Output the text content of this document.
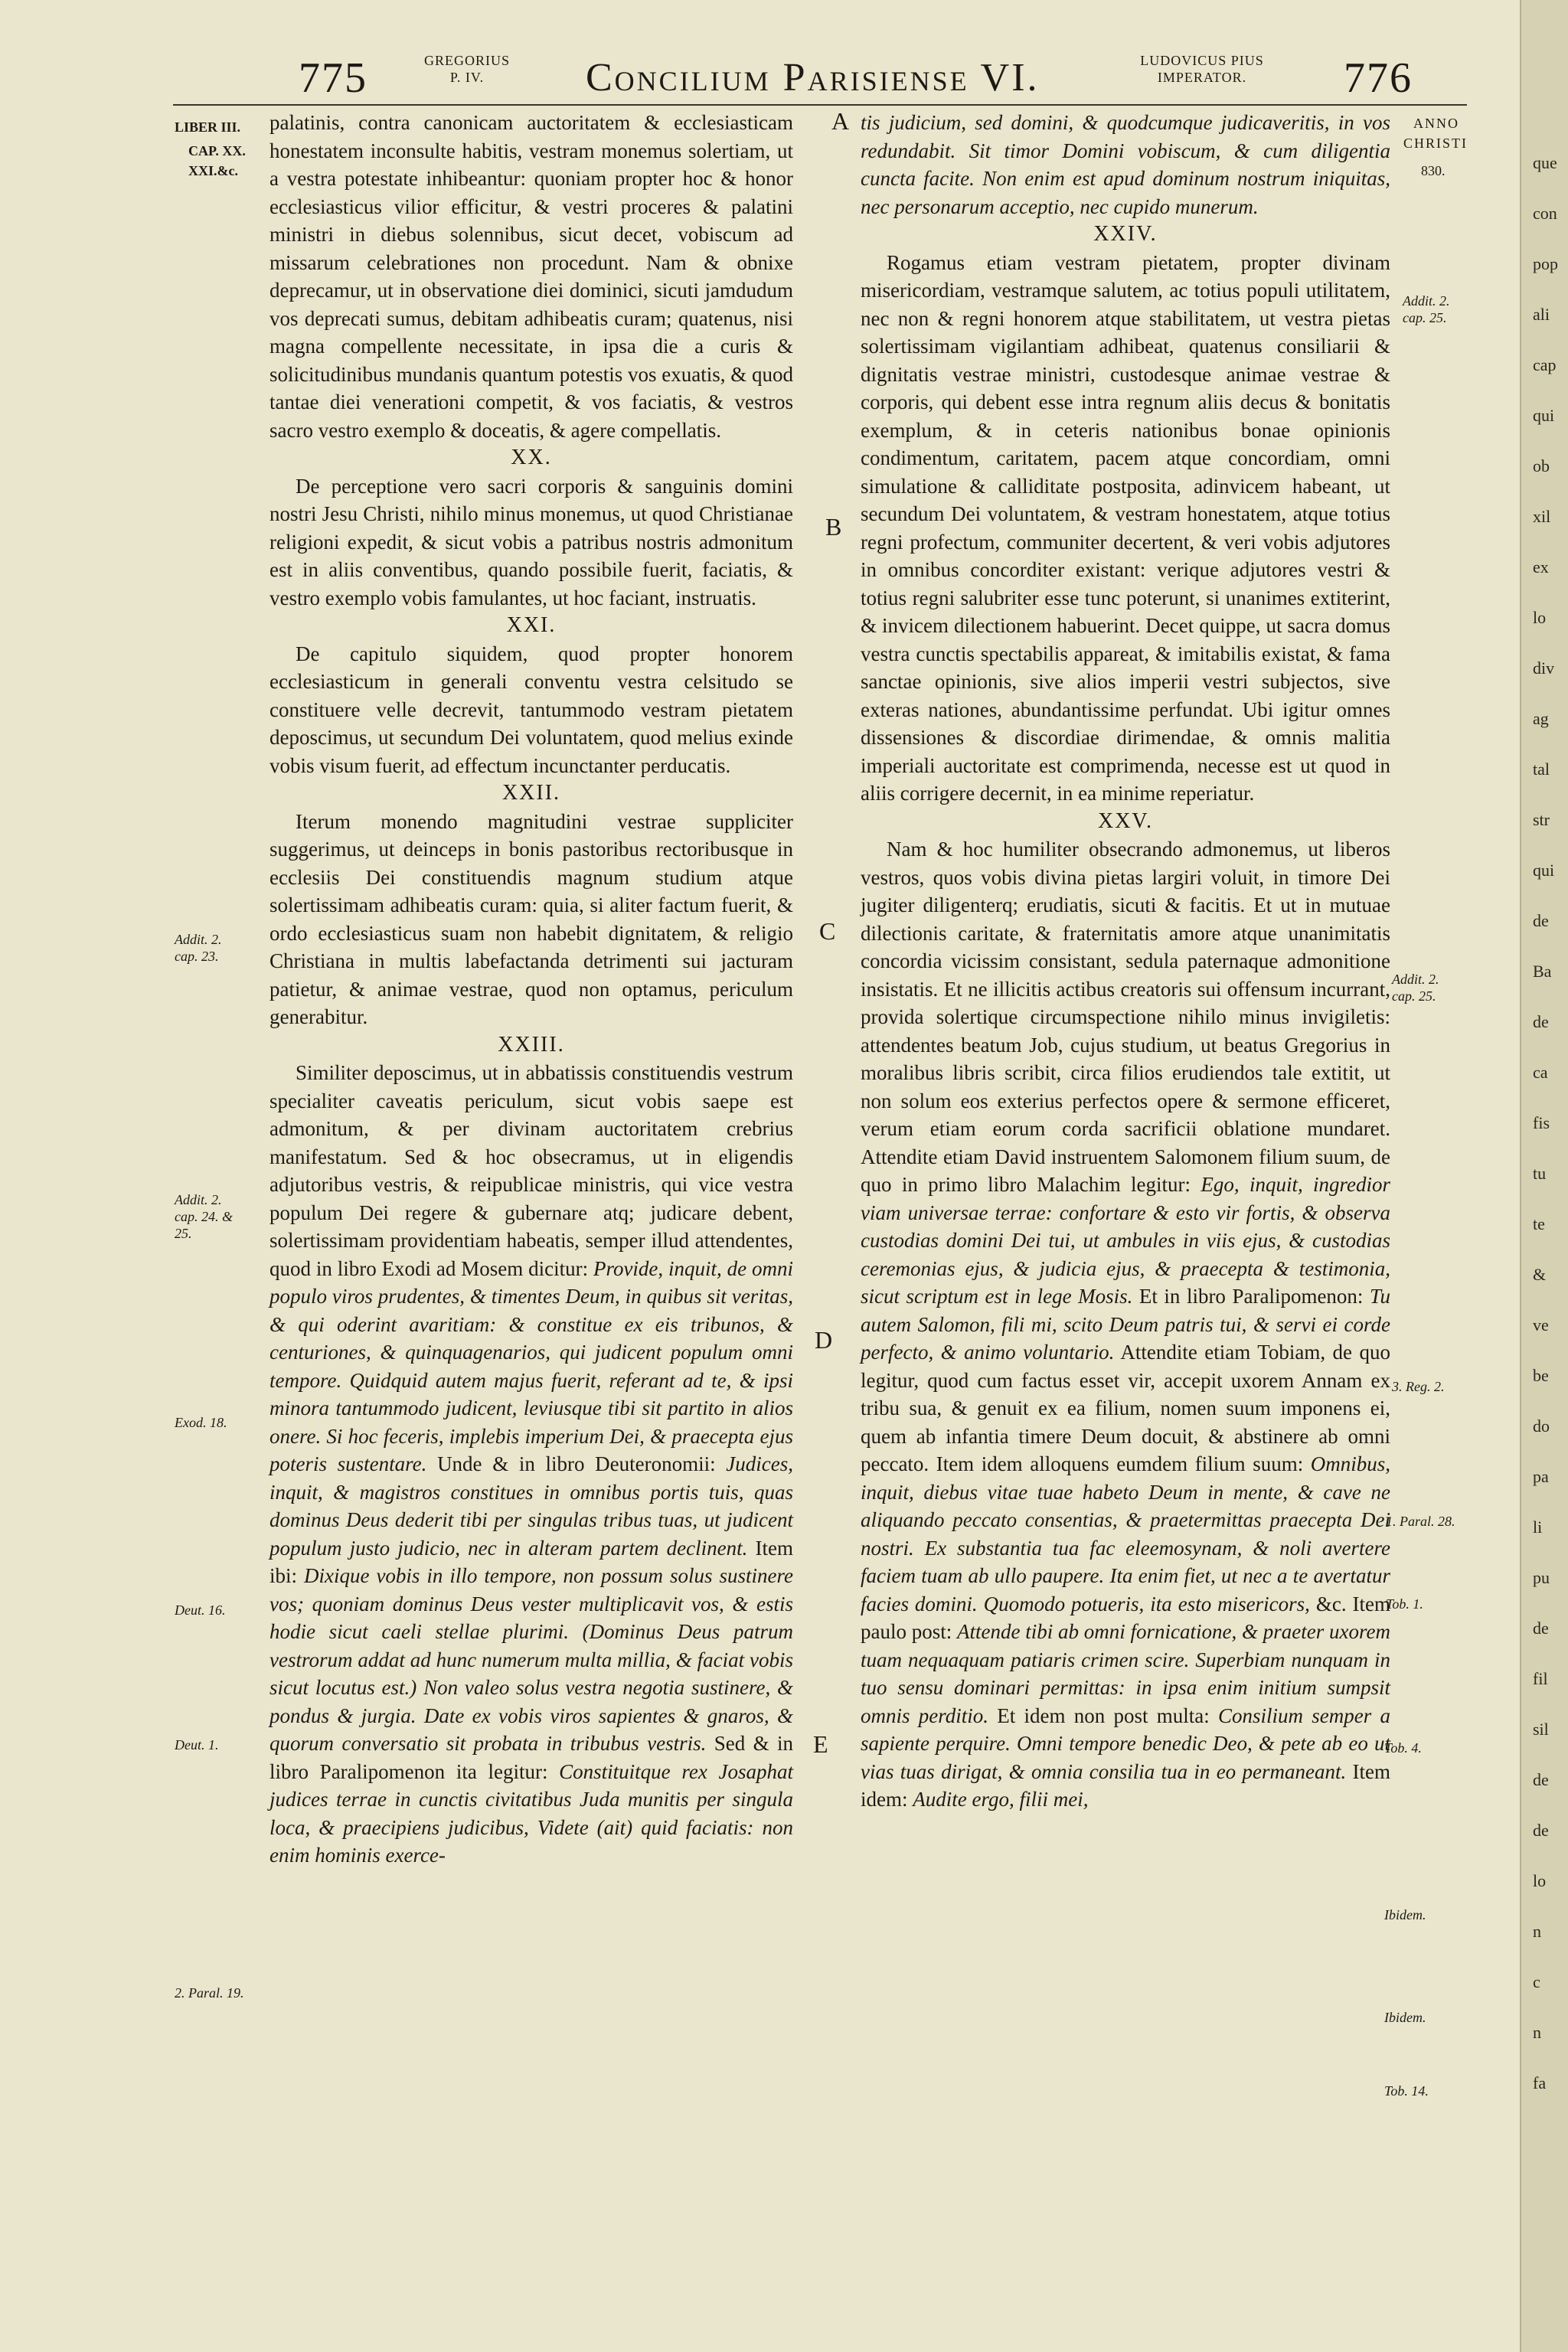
775	GREGORIUS
P. IV.	Concilium Parisiense VI.	LUDOVICUS PIUS
IMPERATOR.	776
LIBER III.
CAP. XX.
XXI.&c.
Addit. 2.
cap. 23.
Addit. 2.
cap. 24. &
25.
Exod. 18.
Deut. 16.
Deut. 1.
2. Paral. 19.
A
B
C
D
E
ANNO
CHRISTI
830.
Addit. 2.
cap. 25.
Addit. 2.
cap. 25.
3. Reg. 2.
1. Paral. 28.
Tob. 1.
Tob. 4.
Ibidem.
Ibidem.
Tob. 14.

palatinis, contra canonicam auctoritatem & ecclesiasticam honestatem inconsulte habitis, vestram monemus solertiam, ut a vestra potestate inhibeantur: quoniam propter hoc & honor ecclesiasticus vilior efficitur, & vestri proceres & palatini ministri in diebus solennibus, sicut decet, vobiscum ad missarum celebrationes non procedunt. Nam & obnixe deprecamur, ut in observatione diei dominici, sicuti jamdudum vos deprecati sumus, debitam adhibeatis curam; quatenus, nisi magna compellente necessitate, in ipsa die a curis & solicitudinibus mundanis quantum potestis vos exuatis, & quod tantae diei venerationi competit, & vos faciatis, & vestros sacro vestro exemplo & doceatis, & agere compellatis.

XX.

De perceptione vero sacri corporis & sanguinis domini nostri Jesu Christi, nihilo minus monemus, ut quod Christianae religioni expedit, & sicut vobis a patribus nostris admonitum est in aliis conventibus, quando possibile fuerit, faciatis, & vestro exemplo vobis famulantes, ut hoc faciant, instruatis.

XXI.

De capitulo siquidem, quod propter honorem ecclesiasticum in generali conventu vestra celsitudo se constituere velle decrevit, tantummodo vestram pietatem deposcimus, ut secundum Dei voluntatem, quod melius exinde vobis visum fuerit, ad effectum incunctanter perducatis.

XXII.

Iterum monendo magnitudini vestrae suppliciter suggerimus, ut deinceps in bonis pastoribus rectoribusque in ecclesiis Dei constituendis magnum studium atque solertissimam adhibeatis curam: quia, si aliter factum fuerit, & ordo ecclesiasticus suam non habebit dignitatem, & religio Christiana in multis labefactanda detrimenti sui jacturam patietur, & animae vestrae, quod non optamus, periculum generabitur.

XXIII.

Similiter deposcimus, ut in abbatissis constituendis vestrum specialiter caveatis periculum, sicut vobis saepe est admonitum, & per divinam auctoritatem crebrius manifestatum. Sed & hoc obsecramus, ut in eligendis adjutoribus vestris, & reipublicae ministris, qui vice vestra populum Dei regere & gubernare atq; judicare debent, solertissimam providentiam habeatis, semper illud attendentes, quod in libro Exodi ad Mosem dicitur: Provide, inquit, de omni populo viros prudentes, & timentes Deum, in quibus sit veritas, & qui oderint avaritiam: & constitue ex eis tribunos, & centuriones, & quinquagenarios, qui judicent populum omni tempore. Quidquid autem majus fuerit, referant ad te, & ipsi minora tantummodo judicent, leviusque tibi sit partito in alios onere. Si hoc feceris, implebis imperium Dei, & praecepta ejus poteris sustentare. Unde & in libro Deuteronomii: Judices, inquit, & magistros constitues in omnibus portis tuis, quas dominus Deus dederit tibi per singulas tribus tuas, ut judicent populum justo judicio, nec in alteram partem declinent. Item ibi: Dixique vobis in illo tempore, non possum solus sustinere vos; quoniam dominus Deus vester multiplicavit vos, & estis hodie sicut caeli stellae plurimi. (Dominus Deus patrum vestrorum addat ad hunc numerum multa millia, & faciat vobis sicut locutus est.) Non valeo solus vestra negotia sustinere, & pondus & jurgia. Date ex vobis viros sapientes & gnaros, & quorum conversatio sit probata in tribubus vestris. Sed & in libro Paralipomenon ita legitur: Constituitque rex Josaphat judices terrae in cunctis civitatibus Juda munitis per singula loca, & praecipiens judicibus, Videte (ait) quid faciatis: non enim hominis exerce-

tis judicium, sed domini, & quodcumque judicaveritis, in vos redundabit. Sit timor Domini vobiscum, & cum diligentia cuncta facite. Non enim est apud dominum nostrum iniquitas, nec personarum acceptio, nec cupido munerum.

XXIV.

Rogamus etiam vestram pietatem, propter divinam misericordiam, vestramque salutem, ac totius populi utilitatem, nec non & regni honorem atque stabilitatem, ut vestra pietas solertissimam vigilantiam adhibeat, quatenus consiliarii & dignitatis vestrae ministri, custodesque animae vestrae & corporis, qui debent esse intra regnum aliis decus & bonitatis exemplum, & in ceteris nationibus bonae opinionis condimentum, caritatem, pacem atque concordiam, omni simulatione & calliditate postposita, adinvicem habeant, ut secundum Dei voluntatem, & vestram honestatem, atque totius regni profectum, communiter decertent, & veri vobis adjutores in omnibus concorditer existant: verique adjutores vestri & totius regni salubriter esse tunc poterunt, si unanimes extiterint, & invicem dilectionem habuerint. Decet quippe, ut sacra domus vestra cunctis spectabilis appareat, & imitabilis existat, & fama sanctae opinionis, sive alios imperii vestri subjectos, sive exteras nationes, abundantissime perfundat. Ubi igitur omnes dissensiones & discordiae dirimendae, & omnis malitia imperiali auctoritate est comprimenda, necesse est ut quod in aliis corrigere decernit, in ea minime reperiatur.

XXV.

Nam & hoc humiliter obsecrando admonemus, ut liberos vestros, quos vobis divina pietas largiri voluit, in timore Dei jugiter diligenterq; erudiatis, sicuti & facitis. Et ut in mutuae dilectionis caritate, & fraternitatis amore atque unanimitatis concordia vicissim consistant, sedula paternaque admonitione insistatis. Et ne illicitis actibus creatoris sui offensum incurrant, provida solertique circumspectione nihilo minus invigiletis: attendentes beatum Job, cujus studium, ut beatus Gregorius in moralibus libris scribit, circa filios erudiendos tale extitit, ut non solum eos exterius perfectos opere & sermone efficeret, verum etiam eorum corda sacrificii oblatione mundaret. Attendite etiam David instruentem Salomonem filium suum, de quo in primo libro Malachim legitur: Ego, inquit, ingredior viam universae terrae: confortare & esto vir fortis, & observa custodias domini Dei tui, ut ambules in viis ejus, & custodias ceremonias ejus, & judicia ejus, & praecepta & testimonia, sicut scriptum est in lege Mosis. Et in libro Paralipomenon: Tu autem Salomon, fili mi, scito Deum patris tui, & servi ei corde perfecto, & animo voluntario. Attendite etiam Tobiam, de quo legitur, quod cum factus esset vir, accepit uxorem Annam ex tribu sua, & genuit ex ea filium, nomen suum imponens ei, quem ab infantia timere Deum docuit, & abstinere ab omni peccato. Item idem alloquens eumdem filium suum: Omnibus, inquit, diebus vitae tuae habeto Deum in mente, & cave ne aliquando peccato consentias, & praetermittas praecepta Dei nostri. Ex substantia tua fac eleemosynam, & noli avertere faciem tuam ab ullo paupere. Ita enim fiet, ut nec a te avertatur facies domini. Quomodo potueris, ita esto misericors, &c. Item paulo post: Attende tibi ab omni fornicatione, & praeter uxorem tuam nequaquam patiaris crimen scire. Superbiam nunquam in tuo sensu dominari permittas: in ipsa enim initium sumpsit omnis perditio. Et idem non post multa: Consilium semper a sapiente perquire. Omni tempore benedic Deo, & pete ab eo ut vias tuas dirigat, & omnia consilia tua in eo permaneant. Item idem: Audite ergo, filii mei,

que
con
pop
ali
cap
qui
ob
xil
ex
lo
div
ag
tal
str
qui
de
Ba
de
ca
fis
tu
te
&
ve
be
do
pa
li
pu
de
fil
sil
de
de
lo
n
c
n
fa
